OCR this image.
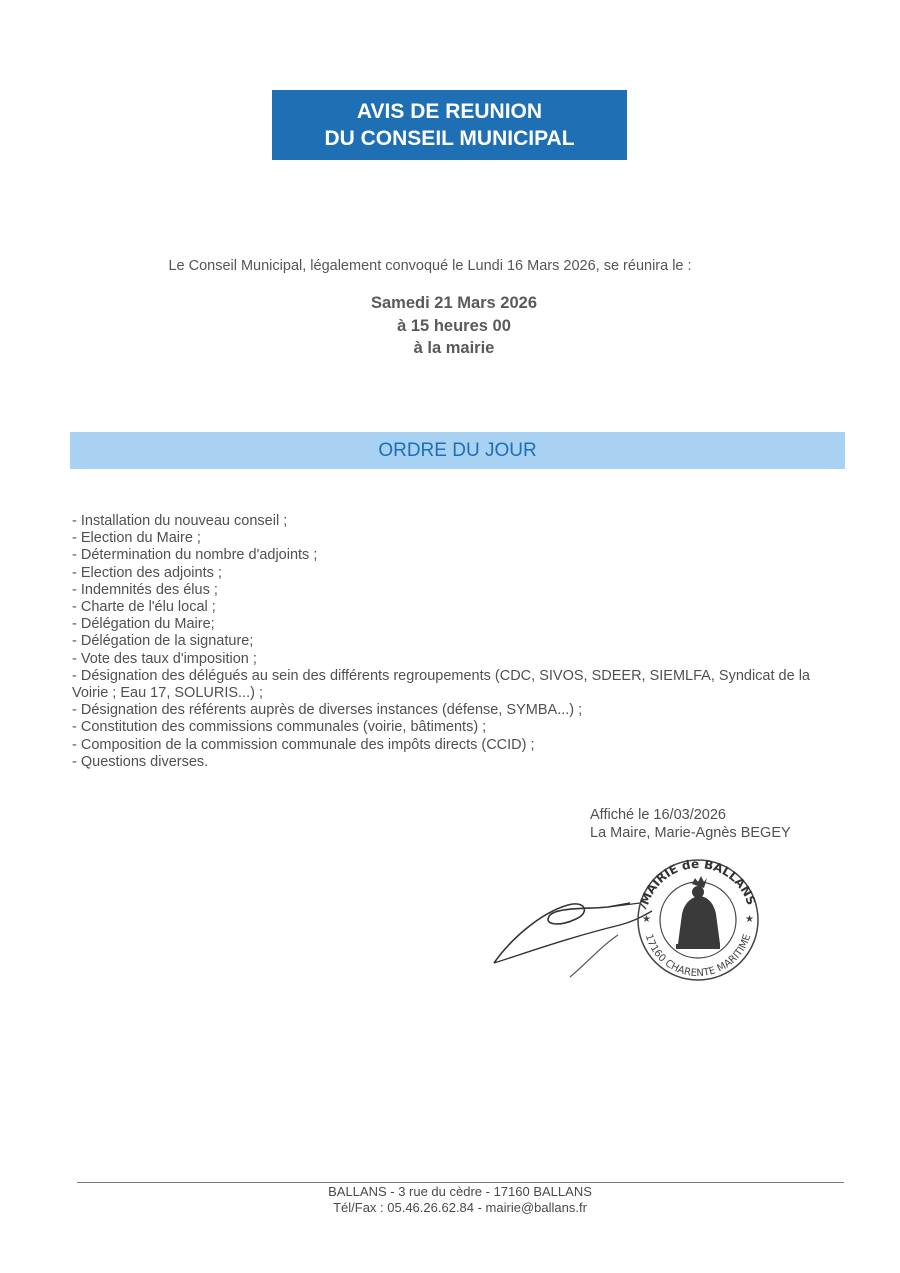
AVIS DE REUNION
DU CONSEIL MUNICIPAL
Le Conseil Municipal, légalement convoqué le Lundi 16 Mars 2026, se réunira le :
Samedi 21 Mars 2026
à 15 heures 00
à la mairie
ORDRE DU JOUR
- Installation du nouveau conseil ;
- Election du Maire ;
- Détermination du nombre d'adjoints ;
- Election des adjoints ;
- Indemnités des élus ;
- Charte de l'élu local ;
- Délégation du Maire;
- Délégation de la signature;
- Vote des taux d'imposition ;
- Désignation des délégués au sein des différents regroupements (CDC, SIVOS, SDEER, SIEMLFA, Syndicat de la Voirie ; Eau 17, SOLURIS...) ;
- Désignation des référents auprès de diverses instances (défense, SYMBA...) ;
- Constitution des commissions communales (voirie, bâtiments) ;
- Composition de la commission communale des impôts directs (CCID) ;
- Questions diverses.
Affiché le 16/03/2026
La Maire, Marie-Agnès BEGEY
MAIRIE de BALLANS
17160 CHARENTE MARITIME
★	★
BALLANS - 3 rue du cèdre - 17160 BALLANS
Tél/Fax : 05.46.26.62.84 - mairie@ballans.fr
